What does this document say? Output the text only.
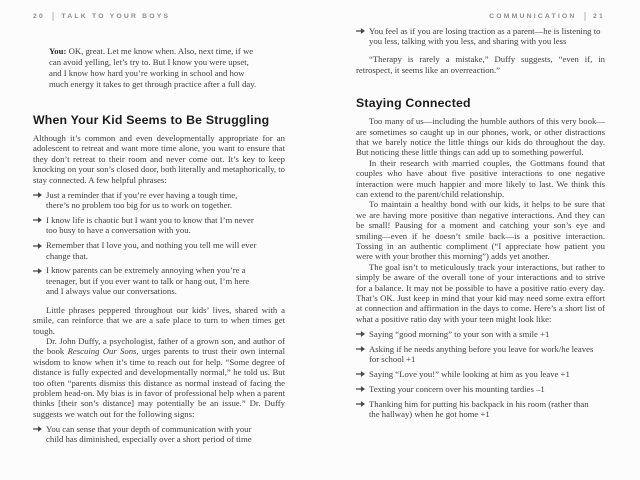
20 TALK TO YOUR BOYS
You: OK, great. Let me know when. Also, next time, if we can avoid yelling, let’s try to. But I know you were upset, and I know how hard you’re working in school and how much energy it takes to get through practice after a full day.
When Your Kid Seems to Be Struggling

Although it’s common and even developmentally appropriate for an adolescent to retreat and want more time alone, you want to ensure that they don’t retreat to their room and never come out. It’s key to keep knocking on your son’s closed door, both literally and metaphorically, to stay connected. A few helpful phrases:

Just a reminder that if you’re ever having a tough time, there’s no problem too big for us to work on together.
I know life is chaotic but I want you to know that I’m never too busy to have a conversation with you.
Remember that I love you, and nothing you tell me will ever change that.
I know parents can be extremely annoying when you’re a teenager, but if you ever want to talk or hang out, I’m here and I always value our conversations.

Little phrases peppered throughout our kids’ lives, shared with a smile, can reinforce that we are a safe place to turn to when times get tough.

Dr. John Duffy, a psychologist, father of a grown son, and author of the book Rescuing Our Sons, urges parents to trust their own internal wisdom to know when it’s time to reach out for help. “Some degree of distance is fully expected and developmentally normal,” he told us. But too often “parents dismiss this distance as normal instead of facing the problem head-on. My bias is in favor of professional help when a parent thinks [their son’s distance] may potentially be an issue.” Dr. Duffy suggests we watch out for the following signs:

You can sense that your depth of communication with your child has diminished, especially over a short period of time
COMMUNICATION 21
You feel as if you are losing traction as a parent—he is listening to you less, talking with you less, and sharing with you less

“Therapy is rarely a mistake,” Duffy suggests, “even if, in retrospect, it seems like an overreaction.”

Staying Connected

Too many of us—including the humble authors of this very book—are sometimes so caught up in our phones, work, or other distractions that we barely notice the little things our kids do throughout the day. But noticing these little things can add up to something powerful.

In their research with married couples, the Gottmans found that couples who have about five positive interactions to one negative interaction were much happier and more likely to last. We think this can extend to the parent/child relationship.

To maintain a healthy bond with our kids, it helps to be sure that we are having more positive than negative interactions. And they can be small! Pausing for a moment and catching your son’s eye and smiling—even if he doesn’t smile back—is a positive interaction. Tossing in an authentic compliment (“I appreciate how patient you were with your brother this morning”) adds yet another.

The goal isn’t to meticulously track your interactions, but rather to simply be aware of the overall tone of your interactions and to strive for a balance. It may not be possible to have a positive ratio every day. That’s OK. Just keep in mind that your kid may need some extra effort at connection and affirmation in the days to come. Here’s a short list of what a positive ratio day with your teen might look like:

Saying “good morning” to your son with a smile +1
Asking if he needs anything before you leave for work/he leaves for school +1
Saying “Love you!” while looking at him as you leave +1
Texting your concern over his mounting tardies –1
Thanking him for putting his backpack in his room (rather than the hallway) when he got home +1
